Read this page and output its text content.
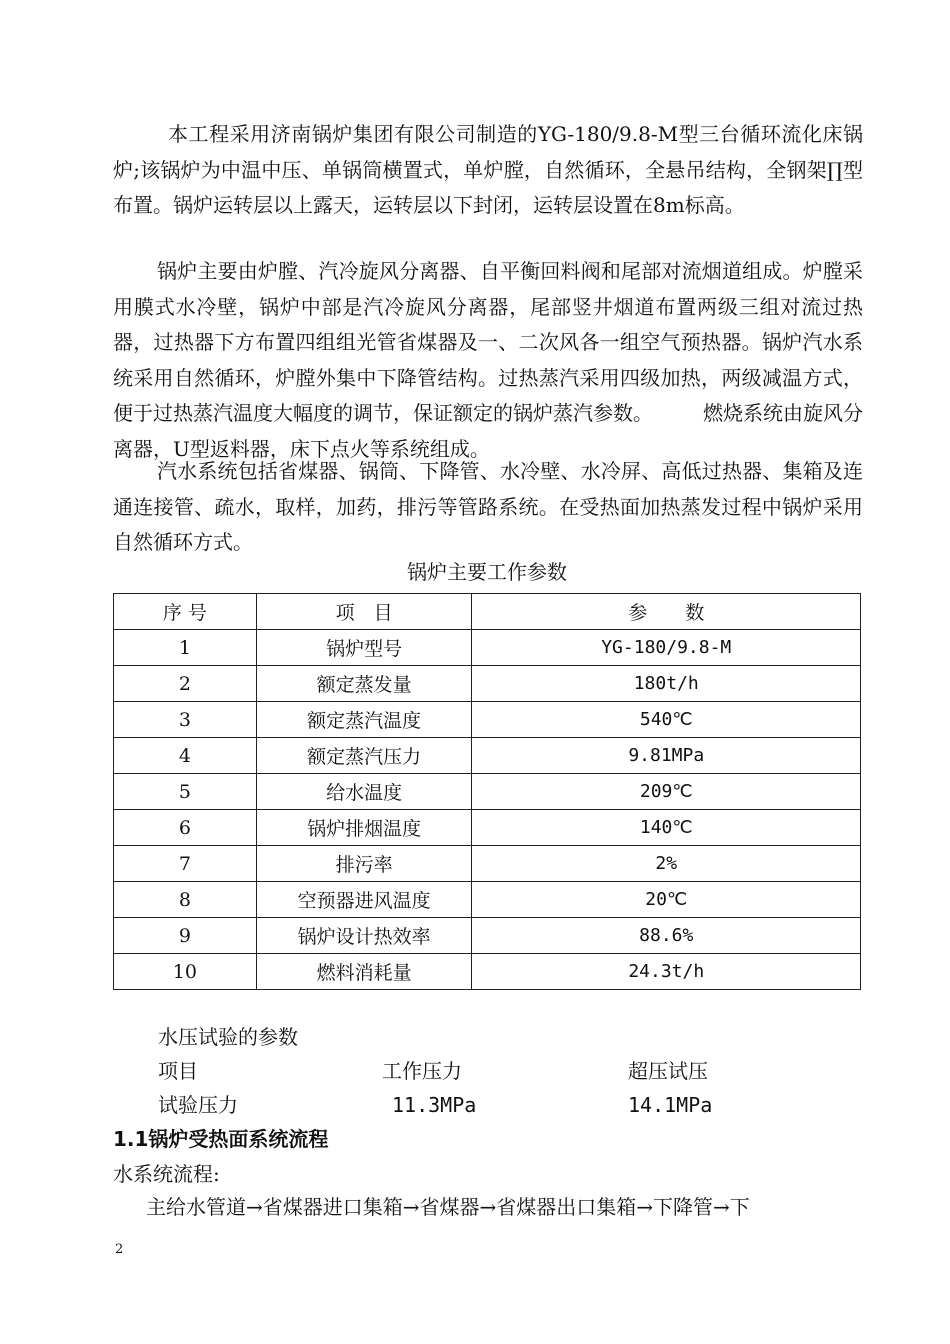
本工程采用济南锅炉集团有限公司制造的YG-180/9.8-M型三台循环流化床锅炉;该锅炉为中温中压、单锅筒横置式，单炉膛，自然循环，全悬吊结构，全钢架∏型布置。锅炉运转层以上露天，运转层以下封闭，运转层设置在8m标高。

锅炉主要由炉膛、汽冷旋风分离器、自平衡回料阀和尾部对流烟道组成。炉膛采用膜式水冷壁，锅炉中部是汽冷旋风分离器，尾部竖井烟道布置两级三组对流过热器，过热器下方布置四组组光管省煤器及一、二次风各一组空气预热器。锅炉汽水系统采用自然循环，炉膛外集中下降管结构。过热蒸汽采用四级加热，两级减温方式，便于过热蒸汽温度大幅度的调节，保证额定的锅炉蒸汽参数。　　　燃烧系统由旋风分离器，U型返料器，床下点火等系统组成。

汽水系统包括省煤器、锅筒、下降管、水冷壁、水冷屏、高低过热器、集箱及连通连接管、疏水，取样，加药，排污等管路系统。在受热面加热蒸发过程中锅炉采用自然循环方式。

锅炉主要工作参数
序 号	项　目	参　　数
1	锅炉型号	YG-180/9.8-M
2	额定蒸发量	180t/h
3	额定蒸汽温度	540℃
4	额定蒸汽压力	9.81MPa
5	给水温度	209℃
6	锅炉排烟温度	140℃
7	排污率	2%
8	空预器进风温度	20℃
9	锅炉设计热效率	88.6%
10	燃料消耗量	24.3t/h
水压试验的参数
项目	工作压力	超压试压
试验压力	11.3MPa	14.1MPa
1.1锅炉受热面系统流程
水系统流程:
主给水管道→省煤器进口集箱→省煤器→省煤器出口集箱→下降管→下
2
